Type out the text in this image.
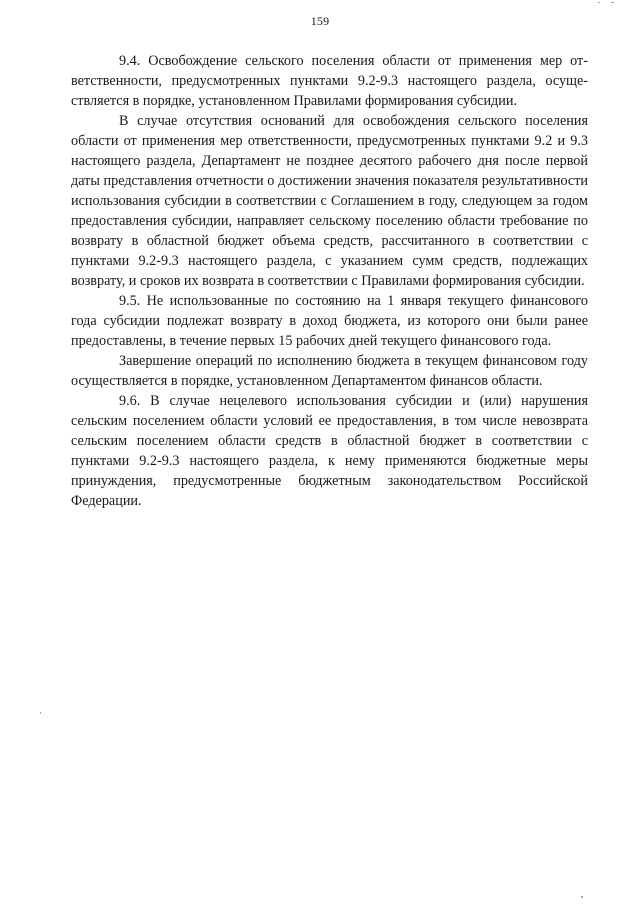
159

9.4. Освобождение сельского поселения области от применения мер ответственности, предусмотренных пунктами 9.2-9.3 настоящего раздела, осуществляется в порядке, установленном Правилами формирования субсидии.

В случае отсутствия оснований для освобождения сельского поселения области от применения мер ответственности, предусмотренных пунктами 9.2 и 9.3 настоящего раздела, Департамент не позднее десятого рабочего дня после первой даты представления отчетности о достижении значения показателя результативности использования субсидии в соответствии с Соглашением в году, следующем за годом предоставления субсидии, направляет сельскому поселению области требование по возврату в областной бюджет объема средств, рассчитанного в соответствии с пунктами 9.2-9.3 настоящего раздела, с указанием сумм средств, подлежащих возврату, и сроков их возврата в соответствии с Правилами формирования субсидии.

9.5. Не использованные по состоянию на 1 января текущего финансового года субсидии подлежат возврату в доход бюджета, из которого они были ранее предоставлены, в течение первых 15 рабочих дней текущего финансового года.

Завершение операций по исполнению бюджета в текущем финансовом году осуществляется в порядке, установленном Департаментом финансов области.

9.6. В случае нецелевого использования субсидии и (или) нарушения сельским поселением области условий ее предоставления, в том числе невозврата сельским поселением области средств в областной бюджет в соответствии с пунктами 9.2-9.3 настоящего раздела, к нему применяются бюджетные меры принуждения, предусмотренные бюджетным законодательством Российской Федерации.
